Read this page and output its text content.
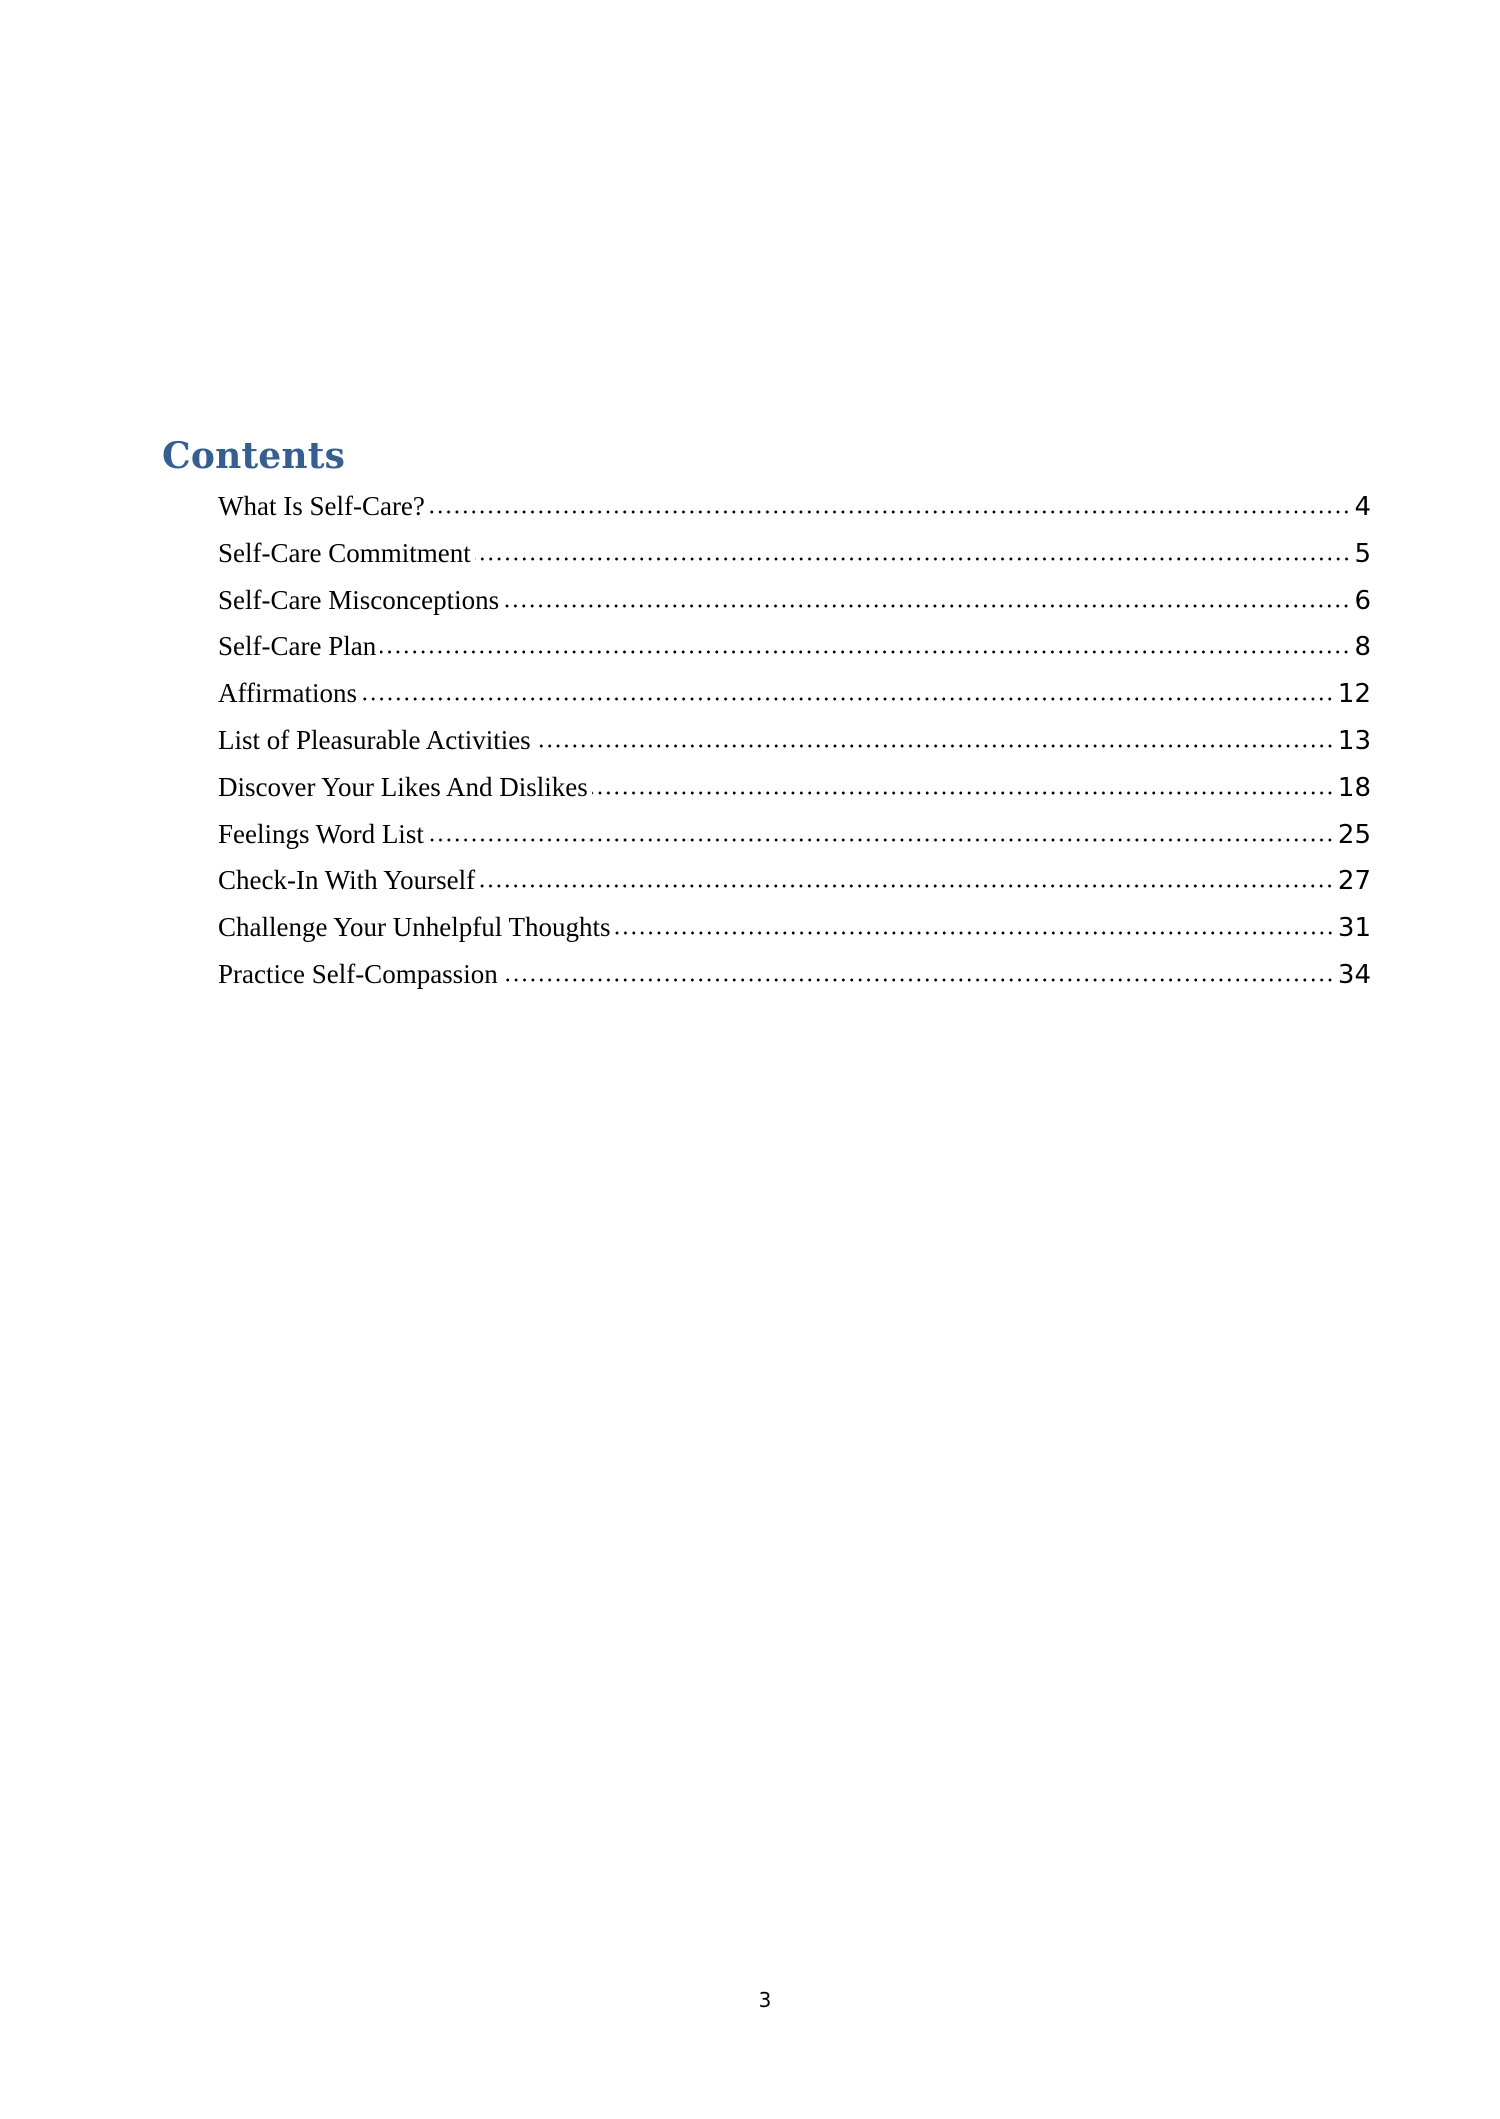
Contents
What Is Self-Care?	4
Self-Care Commitment	5
Self-Care Misconceptions	6
Self-Care Plan	8
Affirmations	12
List of Pleasurable Activities	13
Discover Your Likes And Dislikes	18
Feelings Word List	25
Check-In With Yourself	27
Challenge Your Unhelpful Thoughts	31
Practice Self-Compassion	34
3
